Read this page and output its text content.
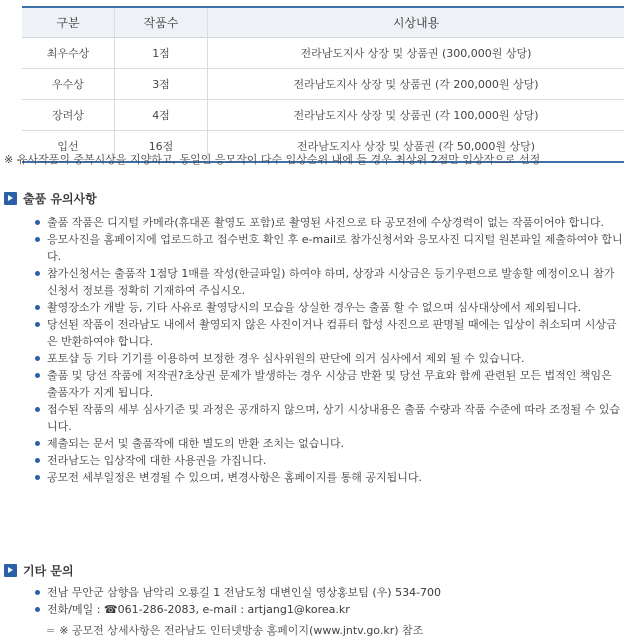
구분	작품수	시상내용
최우수상	1점	전라남도지사 상장 및 상품권 (300,000원 상당)
우수상	3점	전라남도지사 상장 및 상품권 (각 200,000원 상당)
장려상	4점	전라남도지사 상장 및 상품권 (각 100,000원 상당)
입선	16점	전라남도지사 상장 및 상품권 (각 50,000원 상당)
※ 유사작품의 중복시상을 지양하고, 동일인 응모작이 다수 입상순위 내에 들 경우 최상위 2점만 입상작으로 선정
출품 유의사항
출품 작품은 디지털 카메라(휴대폰 촬영도 포함)로 촬영된 사진으로 타 공모전에 수상경력이 없는 작품이어야 합니다.
응모사진을 홈페이지에 업로드하고 접수번호 확인 후 e-mail로 참가신청서와 응모사진 디지털 원본파일 제출하여야 합니다.
참가신청서는 출품작 1점당 1매를 작성(한글파일) 하여야 하며, 상장과 시상금은 등기우편으로 발송할 예정이오니 참가신청서 정보를 정확히 기재하여 주십시오.
촬영장소가 개발 등, 기타 사유로 촬영당시의 모습을 상실한 경우는 출품 할 수 없으며 심사대상에서 제외됩니다.
당선된 작품이 전라남도 내에서 촬영되지 않은 사진이거나 컴퓨터 합성 사진으로 판명될 때에는 입상이 취소되며 시상금은 반환하여야 합니다.
포토샵 등 기타 기기를 이용하여 보정한 경우 심사위원의 판단에 의거 심사에서 제외 될 수 있습니다.
출품 및 당선 작품에 저작권?초상권 문제가 발생하는 경우 시상금 반환 및 당선 무효와 함께 관련된 모든 법적인 책임은 출품자가 지게 됩니다.
접수된 작품의 세부 심사기준 및 과정은 공개하지 않으며, 상기 시상내용은 출품 수량과 작품 수준에 따라 조정될 수 있습니다.
제출되는 문서 및 출품작에 대한 별도의 반환 조치는 없습니다.
전라남도는 입상작에 대한 사용권을 가집니다.
공모전 세부일정은 변경될 수 있으며, 변경사항은 홈페이지를 통해 공지됩니다.
기타 문의
전남 무안군 삼향읍 남악리 오룡길 1 전남도청 대변인실 영상홍보팀 (우) 534-700
전화/메일 : ☎061-286-2083, e-mail : artjang1@korea.kr
= ※ 공모전 상세사항은 전라남도 인터넷방송 홈페이지(www.jntv.go.kr) 참조
